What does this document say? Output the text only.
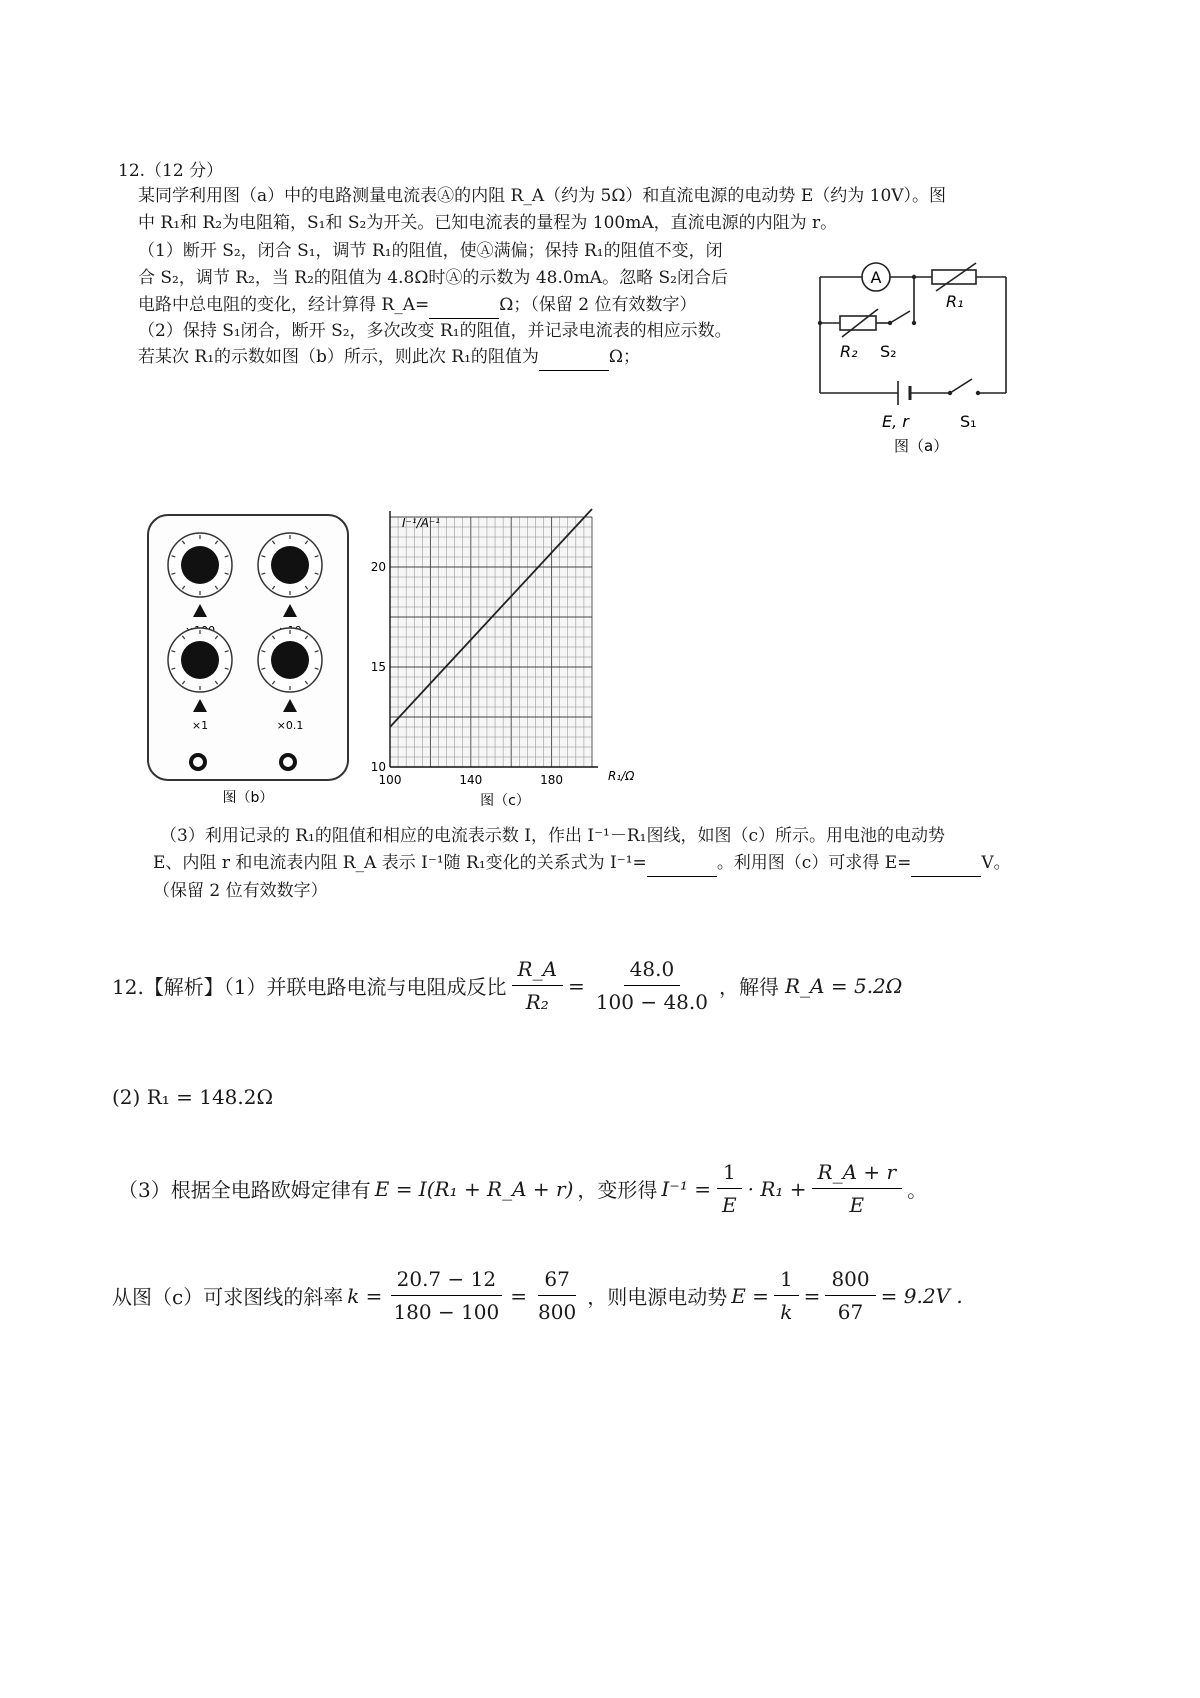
12.（12 分）
某同学利用图（a）中的电路测量电流表Ⓐ的内阻 R_A（约为 5Ω）和直流电源的电动势 E（约为 10V）。图
中 R₁和 R₂为电阻箱，S₁和 S₂为开关。已知电流表的量程为 100mA，直流电源的内阻为 r。
（1）断开 S₂，闭合 S₁，调节 R₁的阻值，使Ⓐ满偏；保持 R₁的阻值不变，闭
合 S₂，调节 R₂，当 R₂的阻值为 4.8Ω时Ⓐ的示数为 48.0mA。忽略 S₂闭合后
电路中总电阻的变化，经计算得 R_A=	Ω；（保留 2 位有效数字）
（2）保持 S₁闭合，断开 S₂，多次改变 R₁的阻值，并记录电流表的相应示数。
若某次 R₁的示数如图（b）所示，则此次 R₁的阻值为	Ω；
A
R₁
R₂ S₂
E, r	S₁
图（a）
×1	×0.1
图（b）
100	140	180
10
15
20
I⁻¹/A⁻¹
R₁/Ω
图（c）
（3）利用记录的 R₁的阻值和相应的电流表示数 I，作出 I⁻¹－R₁图线，如图（c）所示。用电池的电动势
E、内阻 r 和电流表内阻 R_A 表示 I⁻¹随 R₁变化的关系式为 I⁻¹=	。利用图（c）可求得 E=	V。
（保留 2 位有效数字）
12.【解析】（1）并联电路电流与电阻成反比 $\frac{R\_A}{\text{R₂}} = \frac{48.0}{100 - 48.0}$ ，解得 R_A = 5.2Ω
(2) R₁ = 148.2Ω
（3）根据全电路欧姆定律有 E = I(R₁ + R_A + r) ，变形得 $I^{-1} = \frac{1}{E} \cdot R_1 + \frac{R\_A + r}{E}$ 。
从图（c）可求图线的斜率 $k = \frac{20.7 - 12}{180 - 100} = \frac{67}{800}$ ，则电源电动势 $E = \frac{1}{k} = \frac{800}{67} = 9.2V$ .
